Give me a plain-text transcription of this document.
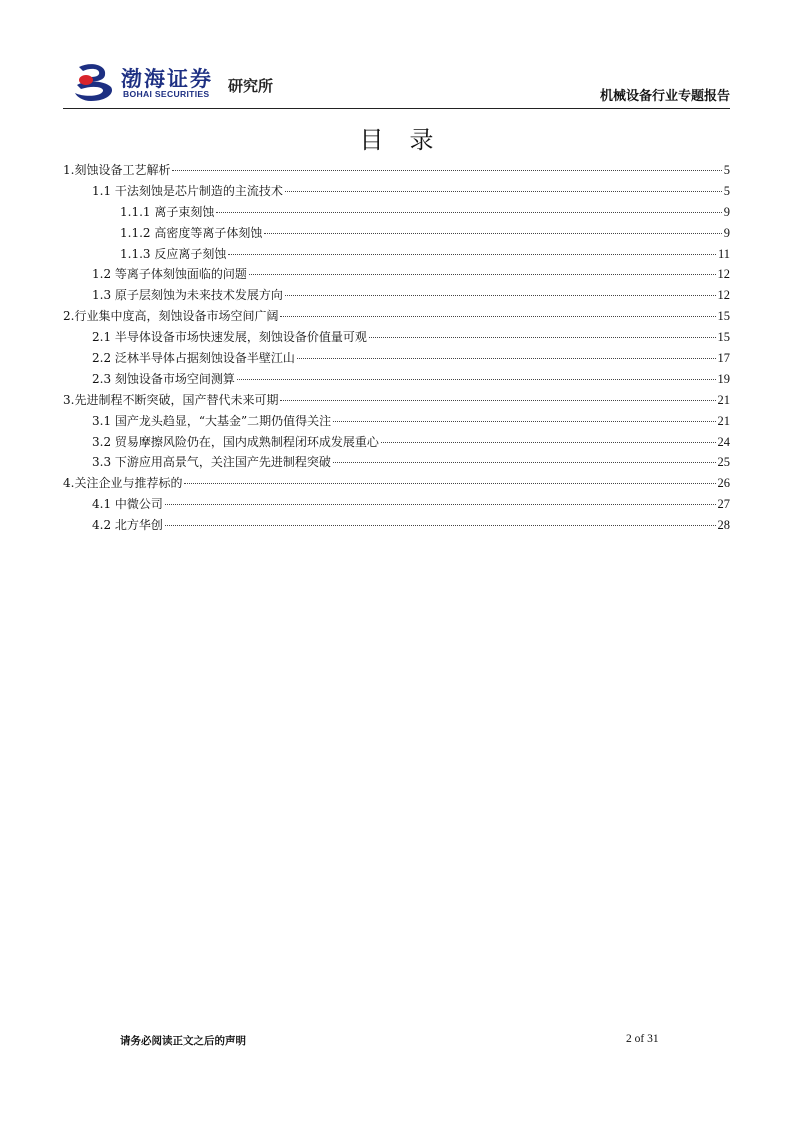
渤海证券
BOHAI SECURITIES 研究所
机械设备行业专题报告
目录
1.刻蚀设备工艺解析	5
1.1 干法刻蚀是芯片制造的主流技术	5
1.1.1 离子束刻蚀	9
1.1.2 高密度等离子体刻蚀	9
1.1.3 反应离子刻蚀	11
1.2 等离子体刻蚀面临的问题	12
1.3 原子层刻蚀为未来技术发展方向	12
2.行业集中度高，刻蚀设备市场空间广阔	15
2.1 半导体设备市场快速发展，刻蚀设备价值量可观	15
2.2 泛林半导体占据刻蚀设备半壁江山	17
2.3 刻蚀设备市场空间测算	19
3.先进制程不断突破，国产替代未来可期	21
3.1 国产龙头趋显，“大基金”二期仍值得关注	21
3.2 贸易摩擦风险仍在，国内成熟制程闭环成发展重心	24
3.3 下游应用高景气，关注国产先进制程突破	25
4.关注企业与推荐标的	26
4.1 中微公司	27
4.2 北方华创	28
请务必阅读正文之后的声明	2 of 31
